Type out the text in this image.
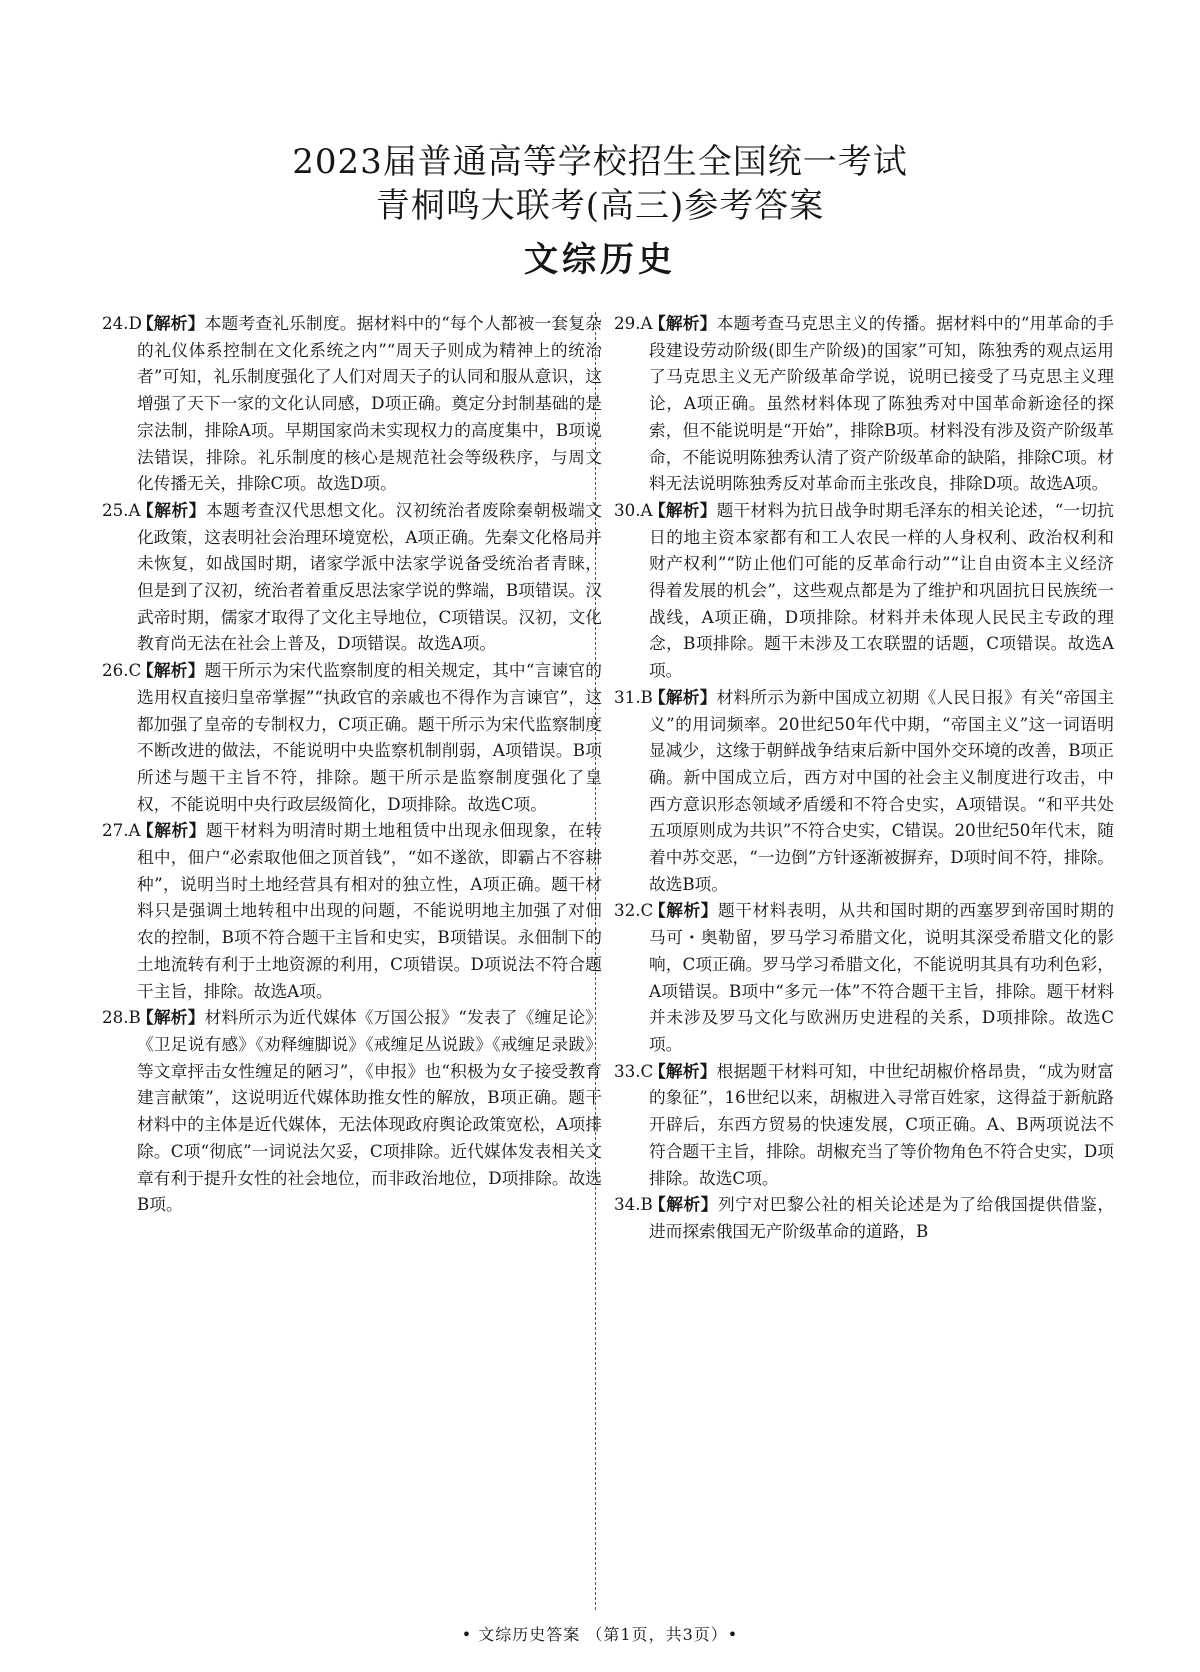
2023届普通高等学校招生全国统一考试
青桐鸣大联考(高三)参考答案
文综历史

24.D
【解析】本题考查礼乐制度。据材料中的“每个人都被一套复杂的礼仪体系控制在文化系统之内”“周天子则成为精神上的统治者”可知，礼乐制度强化了人们对周天子的认同和服从意识，这增强了天下一家的文化认同感，D项正确。奠定分封制基础的是宗法制，排除A项。早期国家尚未实现权力的高度集中，B项说法错误，排除。礼乐制度的核心是规范社会等级秩序，与周文化传播无关，排除C项。故选D项。

25.A
【解析】本题考查汉代思想文化。汉初统治者废除秦朝极端文化政策，这表明社会治理环境宽松，A项正确。先秦文化格局并未恢复，如战国时期，诸家学派中法家学说备受统治者青睐，但是到了汉初，统治者着重反思法家学说的弊端，B项错误。汉武帝时期，儒家才取得了文化主导地位，C项错误。汉初，文化教育尚无法在社会上普及，D项错误。故选A项。

26.C
【解析】题干所示为宋代监察制度的相关规定，其中“言谏官的选用权直接归皇帝掌握”“执政官的亲戚也不得作为言谏官”，这都加强了皇帝的专制权力，C项正确。题干所示为宋代监察制度不断改进的做法，不能说明中央监察机制削弱，A项错误。B项所述与题干主旨不符，排除。题干所示是监察制度强化了皇权，不能说明中央行政层级简化，D项排除。故选C项。

27.A
【解析】题干材料为明清时期土地租赁中出现永佃现象，在转租中，佃户“必索取他佃之顶首钱”，“如不遂欲，即霸占不容耕种”，说明当时土地经营具有相对的独立性，A项正确。题干材料只是强调土地转租中出现的问题，不能说明地主加强了对佃农的控制，B项不符合题干主旨和史实，B项错误。永佃制下的土地流转有利于土地资源的利用，C项错误。D项说法不符合题干主旨，排除。故选A项。

28.B
【解析】材料所示为近代媒体《万国公报》“发表了《缠足论》《卫足说有感》《劝释缠脚说》《戒缠足丛说跋》《戒缠足录跋》等文章抨击女性缠足的陋习”，《申报》也“积极为女子接受教育建言献策”，这说明近代媒体助推女性的解放，B项正确。题干材料中的主体是近代媒体，无法体现政府舆论政策宽松，A项排除。C项“彻底”一词说法欠妥，C项排除。近代媒体发表相关文章有利于提升女性的社会地位，而非政治地位，D项排除。故选B项。

29.A
【解析】本题考查马克思主义的传播。据材料中的“用革命的手段建设劳动阶级(即生产阶级)的国家”可知，陈独秀的观点运用了马克思主义无产阶级革命学说，说明已接受了马克思主义理论，A项正确。虽然材料体现了陈独秀对中国革命新途径的探索，但不能说明是“开始”，排除B项。材料没有涉及资产阶级革命，不能说明陈独秀认清了资产阶级革命的缺陷，排除C项。材料无法说明陈独秀反对革命而主张改良，排除D项。故选A项。

30.A
【解析】题干材料为抗日战争时期毛泽东的相关论述，“一切抗日的地主资本家都有和工人农民一样的人身权利、政治权利和财产权利”“防止他们可能的反革命行动”“让自由资本主义经济得着发展的机会”，这些观点都是为了维护和巩固抗日民族统一战线，A项正确，D项排除。材料并未体现人民民主专政的理念，B项排除。题干未涉及工农联盟的话题，C项错误。故选A项。

31.B
【解析】材料所示为新中国成立初期《人民日报》有关“帝国主义”的用词频率。20世纪50年代中期，“帝国主义”这一词语明显减少，这缘于朝鲜战争结束后新中国外交环境的改善，B项正确。新中国成立后，西方对中国的社会主义制度进行攻击，中西方意识形态领域矛盾缓和不符合史实，A项错误。“和平共处五项原则成为共识”不符合史实，C错误。20世纪50年代末，随着中苏交恶，“一边倒”方针逐渐被摒弃，D项时间不符，排除。故选B项。

32.C
【解析】题干材料表明，从共和国时期的西塞罗到帝国时期的马可・奥勒留，罗马学习希腊文化，说明其深受希腊文化的影响，C项正确。罗马学习希腊文化，不能说明其具有功利色彩，A项错误。B项中“多元一体”不符合题干主旨，排除。题干材料并未涉及罗马文化与欧洲历史进程的关系，D项排除。故选C项。

33.C
【解析】根据题干材料可知，中世纪胡椒价格昂贵，“成为财富的象征”，16世纪以来，胡椒进入寻常百姓家，这得益于新航路开辟后，东西方贸易的快速发展，C项正确。A、B两项说法不符合题干主旨，排除。胡椒充当了等价物角色不符合史实，D项排除。故选C项。

34.B
【解析】列宁对巴黎公社的相关论述是为了给俄国提供借鉴，进而探索俄国无产阶级革命的道路，B

• 文综历史答案 （第1页，共3页）•
